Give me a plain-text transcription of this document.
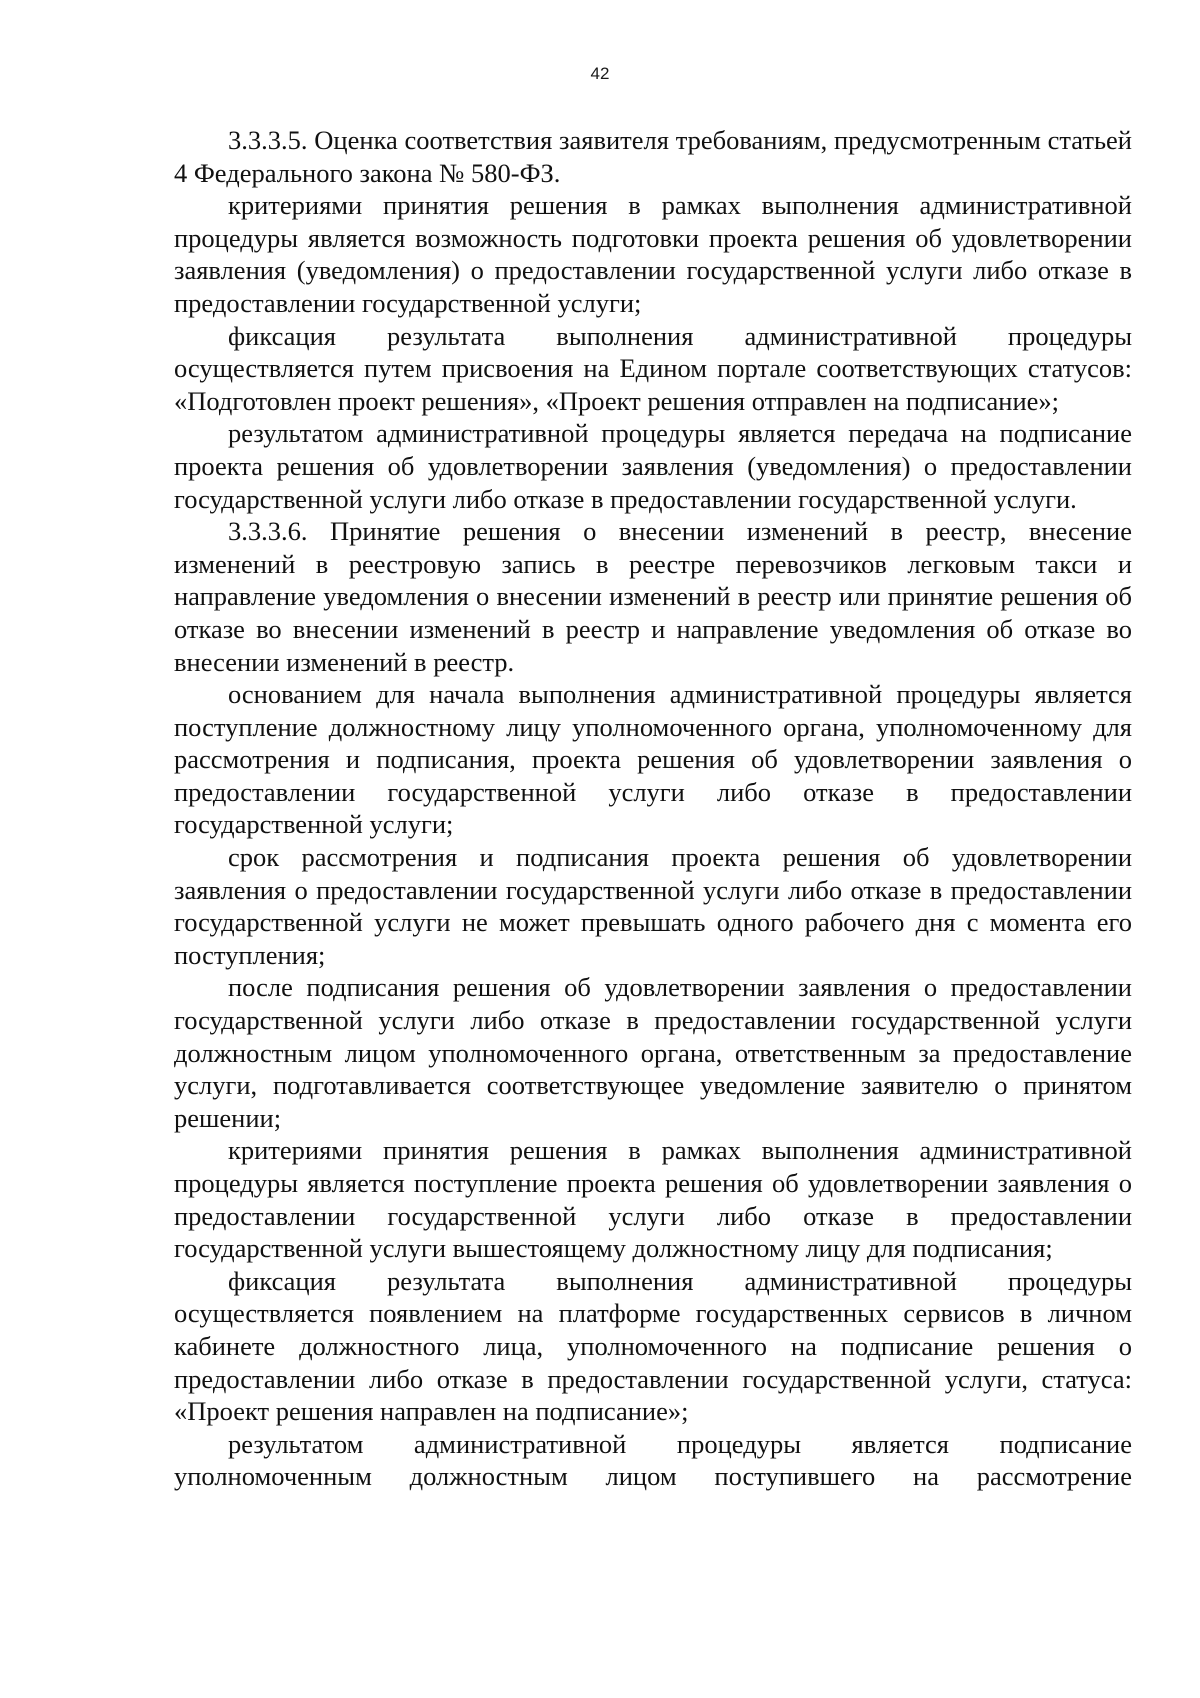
42

3.3.3.5. Оценка соответствия заявителя требованиям, предусмотренным статьей 4 Федерального закона № 580-ФЗ.

критериями принятия решения в рамках выполнения административной процедуры является возможность подготовки проекта решения об удовлетворении заявления (уведомления) о предоставлении государственной услуги либо отказе в предоставлении государственной услуги;

фиксация результата выполнения административной процедуры осуществляется путем присвоения на Едином портале соответствующих статусов: «Подготовлен проект решения», «Проект решения отправлен на подписание»;

результатом административной процедуры является передача на подписание проекта решения об удовлетворении заявления (уведомления) о предоставлении государственной услуги либо отказе в предоставлении государственной услуги.

3.3.3.6. Принятие решения о внесении изменений в реестр, внесение изменений в реестровую запись в реестре перевозчиков легковым такси и направление уведомления о внесении изменений в реестр или принятие решения об отказе во внесении изменений в реестр и направление уведомления об отказе во внесении изменений в реестр.

основанием для начала выполнения административной процедуры является поступление должностному лицу уполномоченного органа, уполномоченному для рассмотрения и подписания, проекта решения об удовлетворении заявления о предоставлении государственной услуги либо отказе в предоставлении государственной услуги;

срок рассмотрения и подписания проекта решения об удовлетворении заявления о предоставлении государственной услуги либо отказе в предоставлении государственной услуги не может превышать одного рабочего дня с момента его поступления;

после подписания решения об удовлетворении заявления о предоставлении государственной услуги либо отказе в предоставлении государственной услуги должностным лицом уполномоченного органа, ответственным за предоставление услуги, подготавливается соответствующее уведомление заявителю о принятом решении;

критериями принятия решения в рамках выполнения административной процедуры является поступление проекта решения об удовлетворении заявления о предоставлении государственной услуги либо отказе в предоставлении государственной услуги вышестоящему должностному лицу для подписания;

фиксация результата выполнения административной процедуры осуществляется появлением на платформе государственных сервисов в личном кабинете должностного лица, уполномоченного на подписание решения о предоставлении либо отказе в предоставлении государственной услуги, статуса: «Проект решения направлен на подписание»;

результатом административной процедуры является подписание уполномоченным должностным лицом поступившего на рассмотрение
